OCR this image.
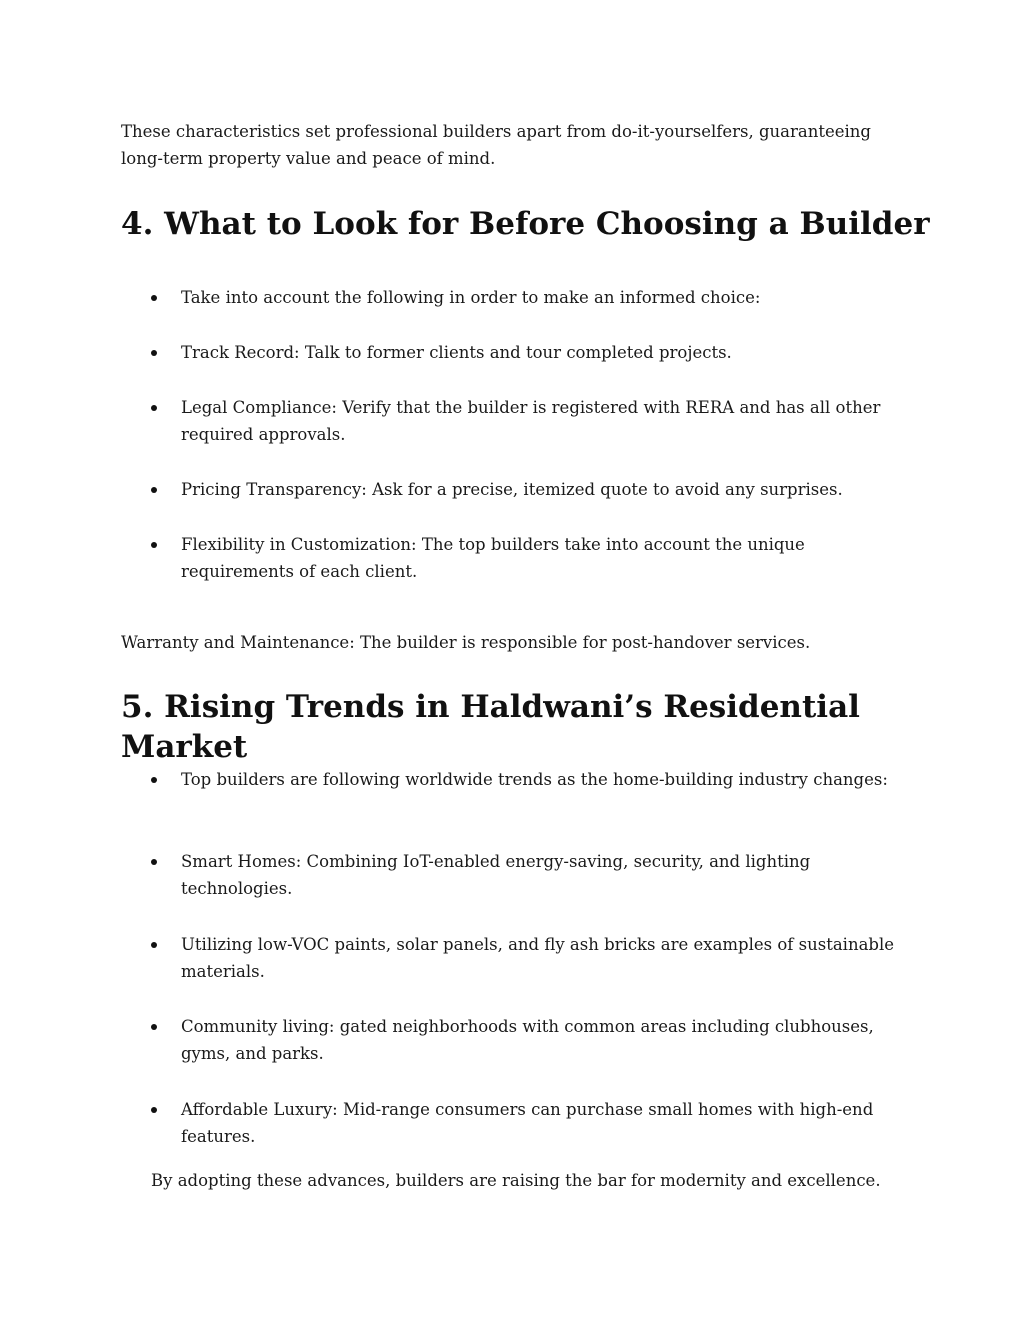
These characteristics set professional builders apart from do-it-yourselfers, guaranteeing long-term property value and peace of mind.

4. What to Look for Before Choosing a Builder
Take into account the following in order to make an informed choice:
Track Record: Talk to former clients and tour completed projects.
Legal Compliance: Verify that the builder is registered with RERA and has all other required approvals.
Pricing Transparency: Ask for a precise, itemized quote to avoid any surprises.
Flexibility in Customization: The top builders take into account the unique requirements of each client.

Warranty and Maintenance: The builder is responsible for post-handover services.

5. Rising Trends in Haldwani’s Residential Market
Top builders are following worldwide trends as the home-building industry changes:
Smart Homes: Combining IoT-enabled energy-saving, security, and lighting technologies.
Utilizing low-VOC paints, solar panels, and fly ash bricks are examples of sustainable materials.
Community living: gated neighborhoods with common areas including clubhouses, gyms, and parks.
Affordable Luxury: Mid-range consumers can purchase small homes with high-end features.

By adopting these advances, builders are raising the bar for modernity and excellence.
